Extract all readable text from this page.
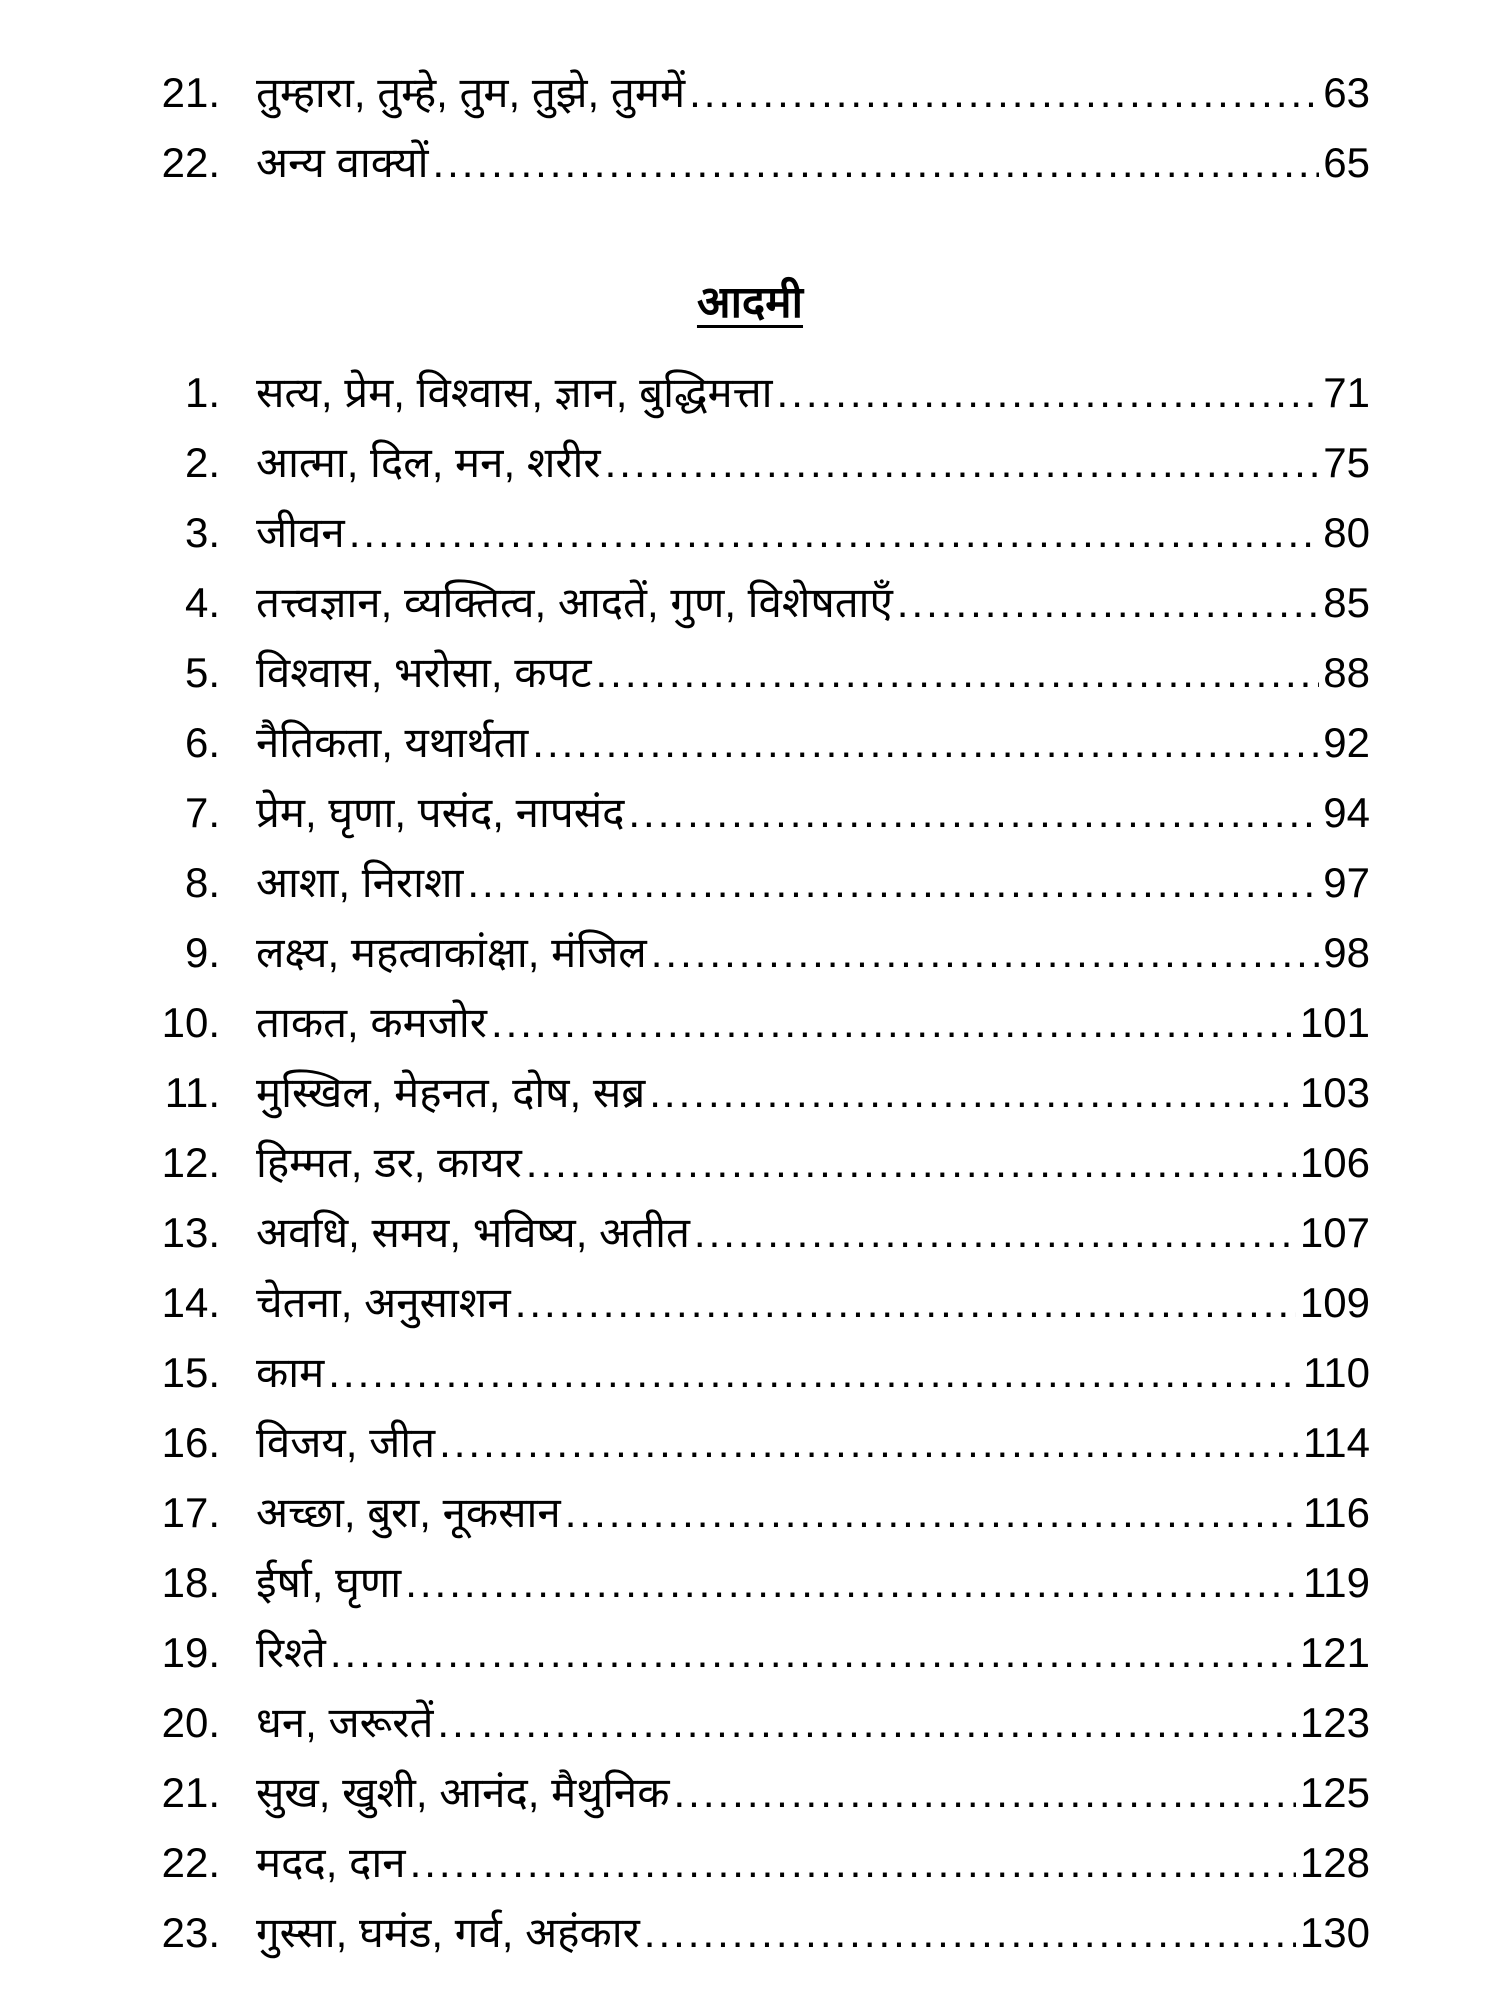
21. तुम्हारा, तुम्हे, तुम, तुझे, तुममें .....	63
22. अन्य वाक्यों .....	65
आदमी
1. सत्य, प्रेम, विश्वास, ज्ञान, बुद्धिमत्ता .....	71
2. आत्मा, दिल, मन, शरीर .....	75
3. जीवन .....	80
4. तत्त्वज्ञान, व्यक्तित्व, आदतें, गुण, विशेषताएँ .....	85
5. विश्वास, भरोसा, कपट .....	88
6. नैतिकता, यथार्थता .....	92
7. प्रेम, घृणा, पसंद, नापसंद .....	94
8. आशा, निराशा .....	97
9. लक्ष्य, महत्वाकांक्षा, मंजिल .....	98
10. ताकत, कमजोर .....	101
11. मुस्खिल, मेहनत, दोष, सब्र .....	103
12. हिम्मत, डर, कायर .....	106
13. अवधि, समय, भविष्य, अतीत .....	107
14. चेतना, अनुसाशन .....	109
15. काम .....	110
16. विजय, जीत .....	114
17. अच्छा, बुरा, नूकसान .....	116
18. ईर्षा, घृणा .....	119
19. रिश्ते .....	121
20. धन, जरूरतें .....	123
21. सुख, खुशी, आनंद, मैथुनिक .....	125
22. मदद, दान .....	128
23. गुस्सा, घमंड, गर्व, अहंकार .....	130
